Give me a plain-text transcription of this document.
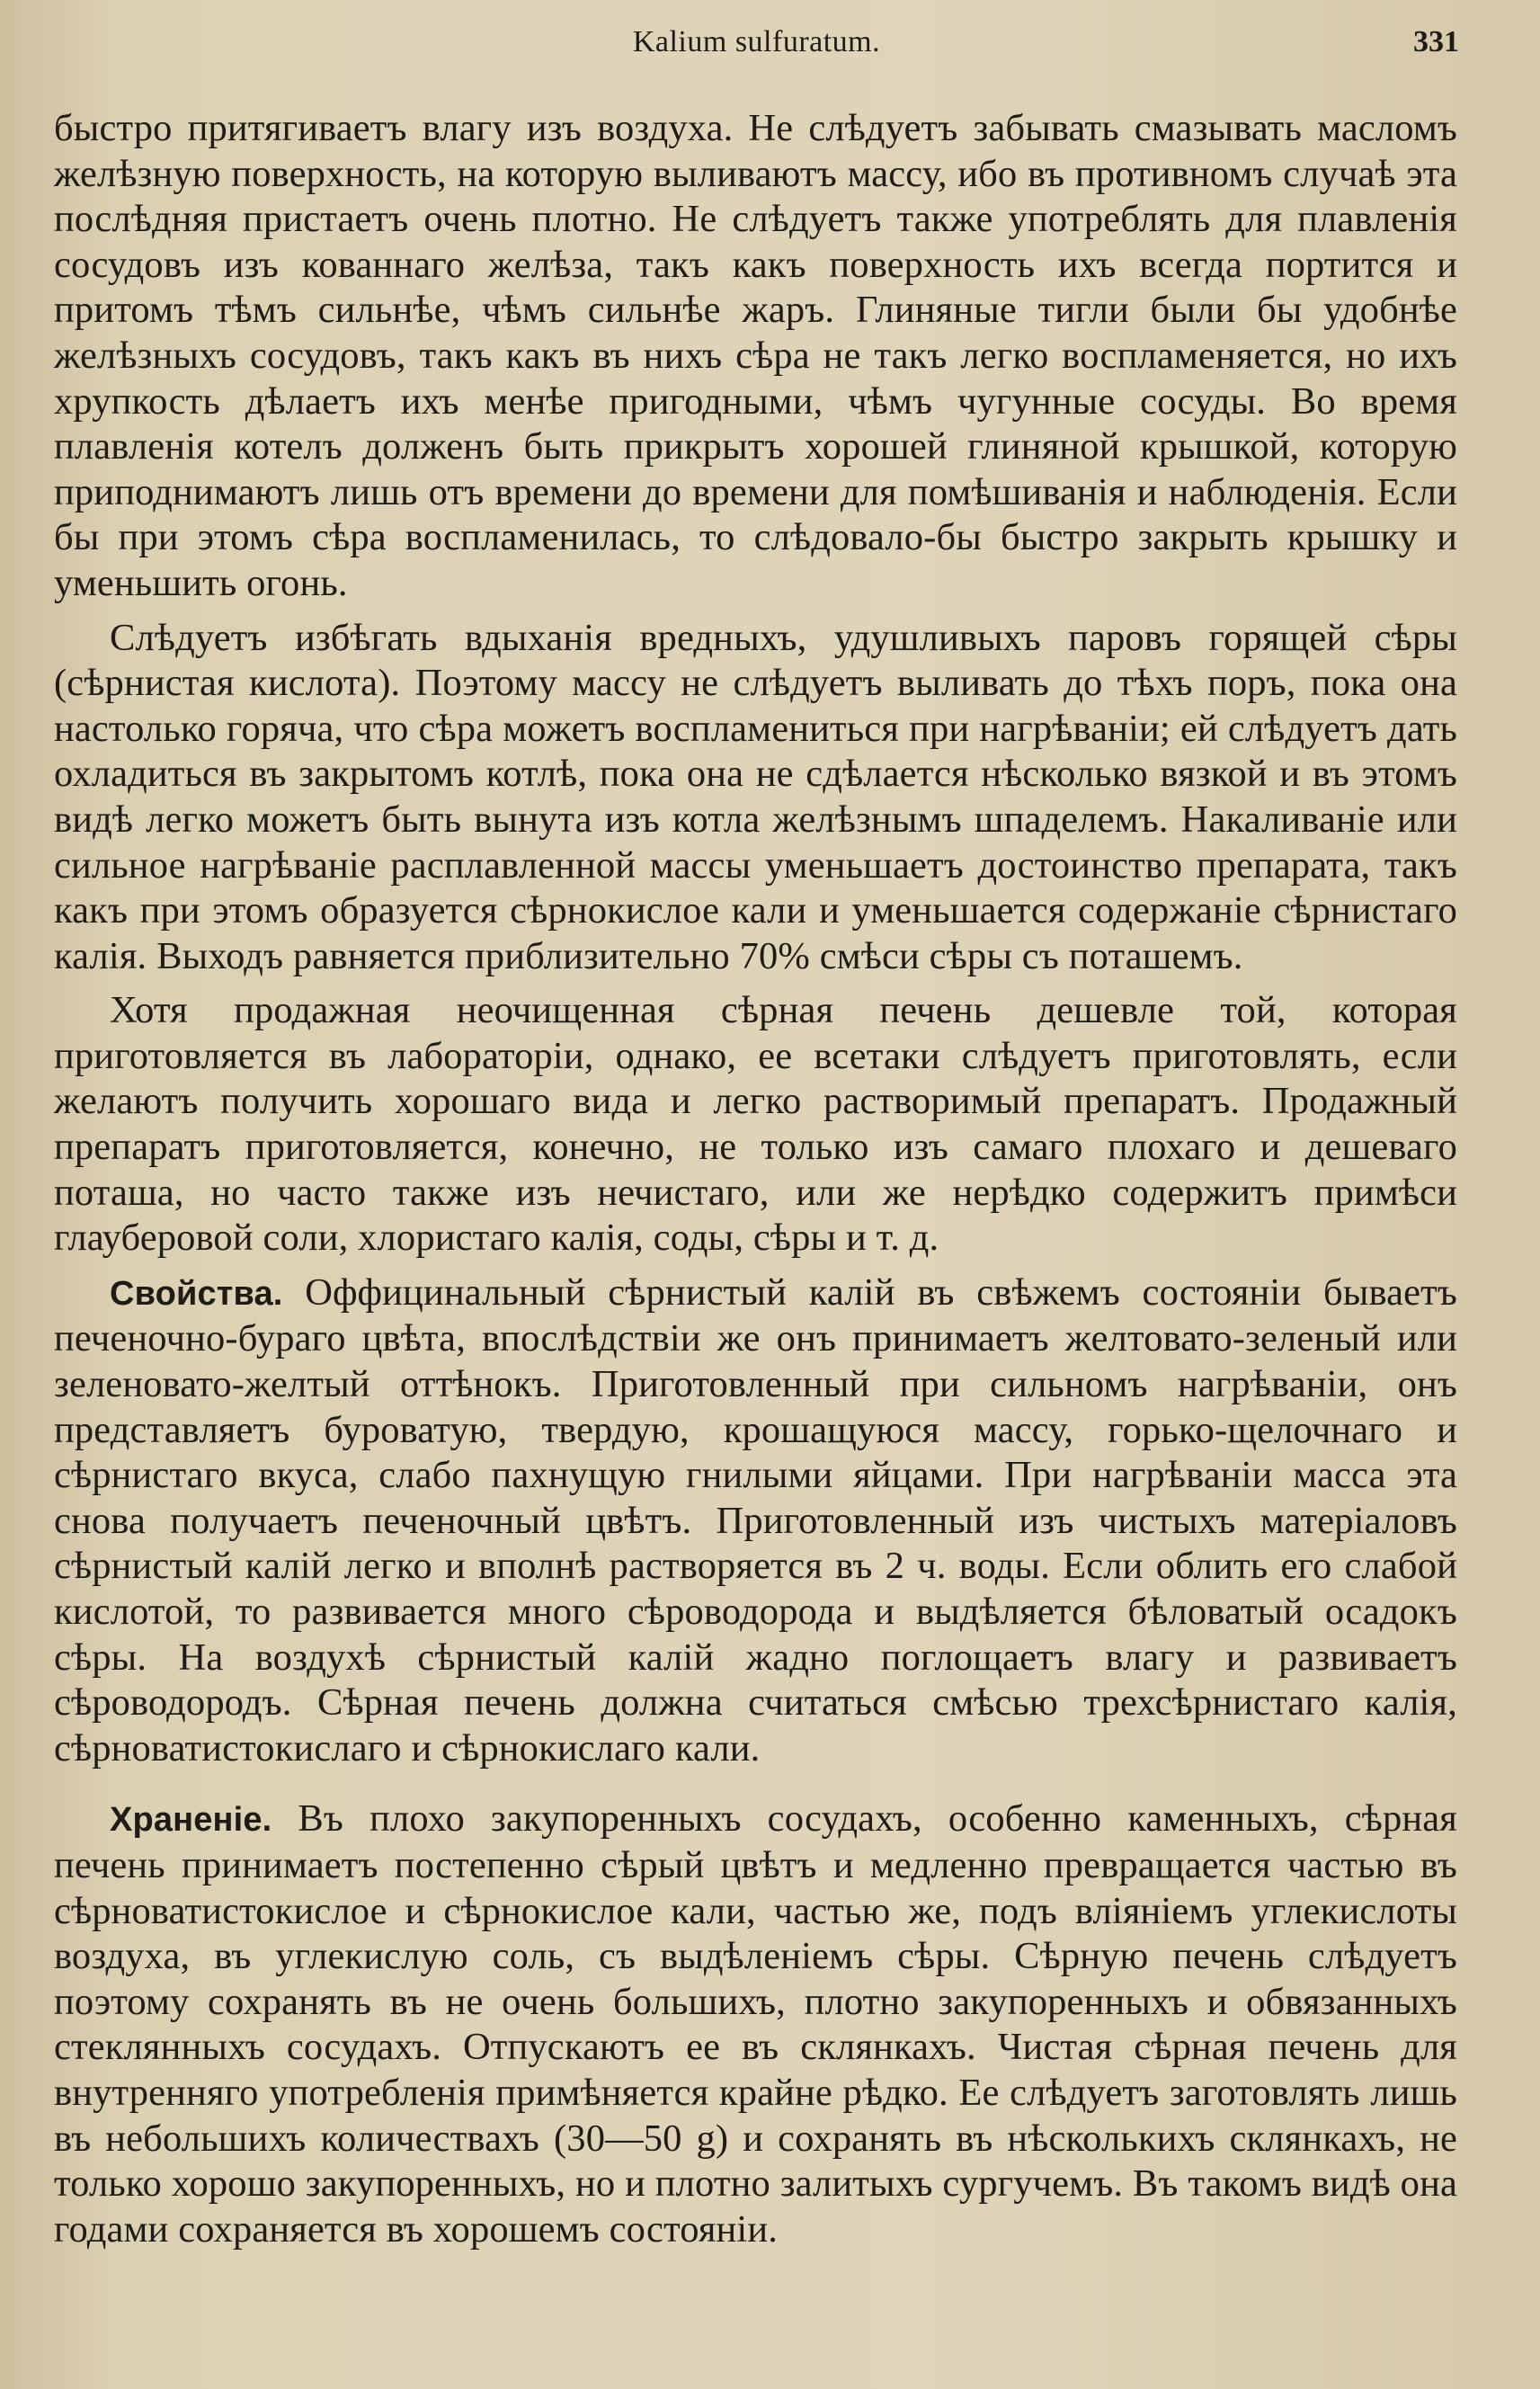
Kalium sulfuratum.	331

быстро притягиваетъ влагу изъ воздуха. Не слѣдуетъ забывать смазывать масломъ желѣзную поверхность, на которую выливаютъ массу, ибо въ противномъ случаѣ эта послѣдняя пристаетъ очень плотно. Не слѣдуетъ также употреблять для плавленія сосудовъ изъ кованнаго желѣза, такъ какъ поверхность ихъ всегда портится и притомъ тѣмъ сильнѣе, чѣмъ сильнѣе жаръ. Глиняные тигли были бы удобнѣе желѣзныхъ сосудовъ, такъ какъ въ нихъ сѣра не такъ легко воспламеняется, но ихъ хрупкость дѣлаетъ ихъ менѣе пригодными, чѣмъ чугунные сосуды. Во время плавленія котелъ долженъ быть прикрытъ хорошей глиняной крышкой, которую приподнимаютъ лишь отъ времени до времени для помѣшиванія и наблюденія. Если бы при этомъ сѣра воспламенилась, то слѣдовало-бы быстро закрыть крышку и уменьшить огонь.

Слѣдуетъ избѣгать вдыханія вредныхъ, удушливыхъ паровъ горящей сѣры (сѣрнистая кислота). Поэтому массу не слѣдуетъ выливать до тѣхъ поръ, пока она настолько горяча, что сѣра можетъ воспламениться при нагрѣваніи; ей слѣдуетъ дать охладиться въ закрытомъ котлѣ, пока она не сдѣлается нѣсколько вязкой и въ этомъ видѣ легко можетъ быть вынута изъ котла желѣзнымъ шпаделемъ. Накаливаніе или сильное нагрѣваніе расплавленной массы уменьшаетъ достоинство препарата, такъ какъ при этомъ образуется сѣрнокислое кали и уменьшается содержаніе сѣрнистаго калія. Выходъ равняется приблизительно 70% смѣси сѣры съ поташемъ.

Хотя продажная неочищенная сѣрная печень дешевле той, которая приготовляется въ лабораторіи, однако, ее всетаки слѣдуетъ приготовлять, если желаютъ получить хорошаго вида и легко растворимый препаратъ. Продажный препаратъ приготовляется, конечно, не только изъ самаго плохаго и дешеваго поташа, но часто также изъ нечистаго, или же нерѣдко содержитъ примѣси глауберовой соли, хлористаго калія, соды, сѣры и т. д.

Свойства. Оффицинальный сѣрнистый калій въ свѣжемъ состояніи бываетъ печеночно-бураго цвѣта, впослѣдствіи же онъ принимаетъ желтовато-зеленый или зеленовато-желтый оттѣнокъ. Приготовленный при сильномъ нагрѣваніи, онъ представляетъ буроватую, твердую, крошащуюся массу, горько-щелочнаго и сѣрнистаго вкуса, слабо пахнущую гнилыми яйцами. При нагрѣваніи масса эта снова получаетъ печеночный цвѣтъ. Приготовленный изъ чистыхъ матеріаловъ сѣрнистый калій легко и вполнѣ растворяется въ 2 ч. воды. Если облить его слабой кислотой, то развивается много сѣроводорода и выдѣляется бѣловатый осадокъ сѣры. На воздухѣ сѣрнистый калій жадно поглощаетъ влагу и развиваетъ сѣроводородъ. Сѣрная печень должна считаться смѣсью трехсѣрнистаго калія, сѣрноватистокислаго и сѣрнокислаго кали.

Храненіе. Въ плохо закупоренныхъ сосудахъ, особенно каменныхъ, сѣрная печень принимаетъ постепенно сѣрый цвѣтъ и медленно превращается частью въ сѣрноватистокислое и сѣрнокислое кали, частью же, подъ вліяніемъ углекислоты воздуха, въ углекислую соль, съ выдѣленіемъ сѣры. Сѣрную печень слѣдуетъ поэтому сохранять въ не очень большихъ, плотно закупоренныхъ и обвязанныхъ стеклянныхъ сосудахъ. Отпускаютъ ее въ склянкахъ. Чистая сѣрная печень для внутренняго употребленія примѣняется крайне рѣдко. Ее слѣдуетъ заготовлять лишь въ небольшихъ количествахъ (30—50 g) и сохранять въ нѣсколькихъ склянкахъ, не только хорошо закупоренныхъ, но и плотно залитыхъ сургучемъ. Въ такомъ видѣ она годами сохраняется въ хорошемъ состояніи.
